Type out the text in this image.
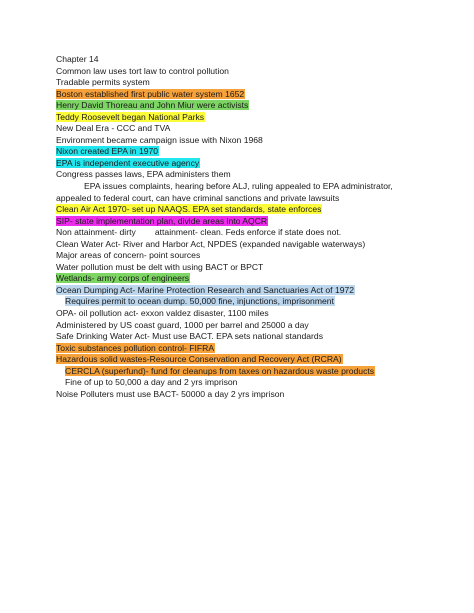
Chapter 14
Common law uses tort law to control pollution
Tradable permits system
Boston established first public water system 1652
Henry David Thoreau and John Miur were activists
Teddy Roosevelt began National Parks
New Deal Era - CCC and TVA
Environment became campaign issue with Nixon 1968
Nixon created EPA in 1970
EPA is independent executive agency
Congress passes laws, EPA administers them
EPA issues complaints, hearing before ALJ, ruling appealed to EPA administrator,
appealed to federal court, can have criminal sanctions and private lawsuits
Clean Air Act 1970- set up NAAQS. EPA set standards, state enforces
SIP- state implementation plan, divide areas into AQCR
Non attainment- dirty        attainment- clean. Feds enforce if state does not.
Clean Water Act- River and Harbor Act, NPDES (expanded navigable waterways)
Major areas of concern- point sources
Water pollution must be delt with using BACT or BPCT
Wetlands- army corps of engineers
Ocean Dumping Act- Marine Protection Research and Sanctuaries Act of 1972
Requires permit to ocean dump. 50,000 fine, injunctions, imprisonment
OPA- oil pollution act- exxon valdez disaster, 1100 miles
Administered by US coast guard, 1000 per barrel and 25000 a day
Safe Drinking Water Act- Must use BACT. EPA sets national standards
Toxic substances pollution control- FIFRA
Hazardous solid wastes-Resource Conservation and Recovery Act (RCRA)
CERCLA (superfund)- fund for cleanups from taxes on hazardous waste products
Fine of up to 50,000 a day and 2 yrs imprison
Noise Polluters must use BACT- 50000 a day 2 yrs imprison
